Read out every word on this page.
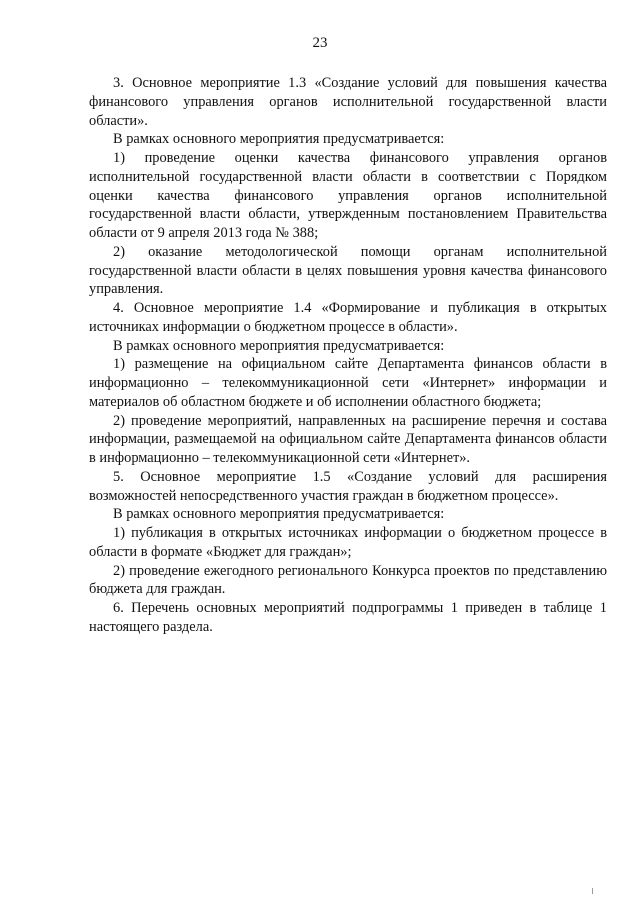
23

3. Основное мероприятие 1.3 «Создание условий для повышения качества финансового управления органов исполнительной государственной власти области».

В рамках основного мероприятия предусматривается:

1) проведение оценки качества финансового управления органов исполнительной государственной власти области в соответствии с Порядком оценки качества финансового управления органов исполнительной государственной власти области, утвержденным постановлением Правительства области от 9 апреля 2013 года № 388;

2) оказание методологической помощи органам исполнительной государственной власти области в целях повышения уровня качества финансового управления.

4. Основное мероприятие 1.4 «Формирование и публикация в открытых источниках информации о бюджетном процессе в области».

В рамках основного мероприятия предусматривается:

1) размещение на официальном сайте Департамента финансов области в информационно – телекоммуникационной сети «Интернет» информации и материалов об областном бюджете и об исполнении областного бюджета;

2) проведение мероприятий, направленных на расширение перечня и состава информации, размещаемой на официальном сайте Департамента финансов области в информационно – телекоммуникационной сети «Интернет».

5. Основное мероприятие 1.5 «Создание условий для расширения возможностей непосредственного участия граждан в бюджетном процессе».

В рамках основного мероприятия предусматривается:

1) публикация в открытых источниках информации о бюджетном процессе в области в формате «Бюджет для граждан»;

2) проведение ежегодного регионального Конкурса проектов по представлению бюджета для граждан.

6. Перечень основных мероприятий подпрограммы 1 приведен в таблице 1 настоящего раздела.
